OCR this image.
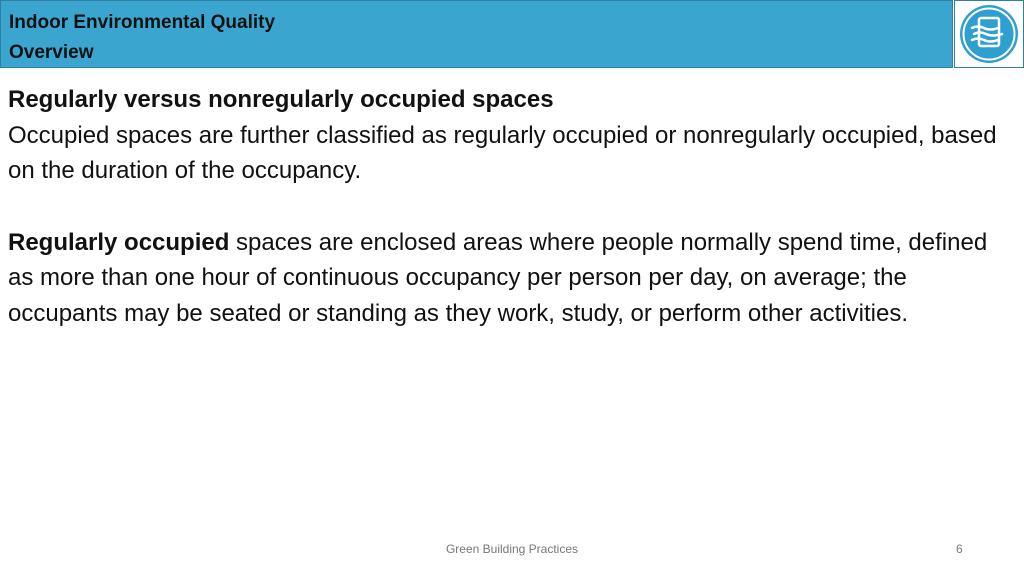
Indoor Environmental Quality
Overview

Regularly versus nonregularly occupied spaces

Occupied spaces are further classified as regularly occupied or nonregularly occupied, based on the duration of the occupancy.

Regularly occupied spaces are enclosed areas where people normally spend time, defined as more than one hour of continuous occupancy per person per day, on average; the occupants may be seated or standing as they work, study, or perform other activities.

Green Building Practices	6
